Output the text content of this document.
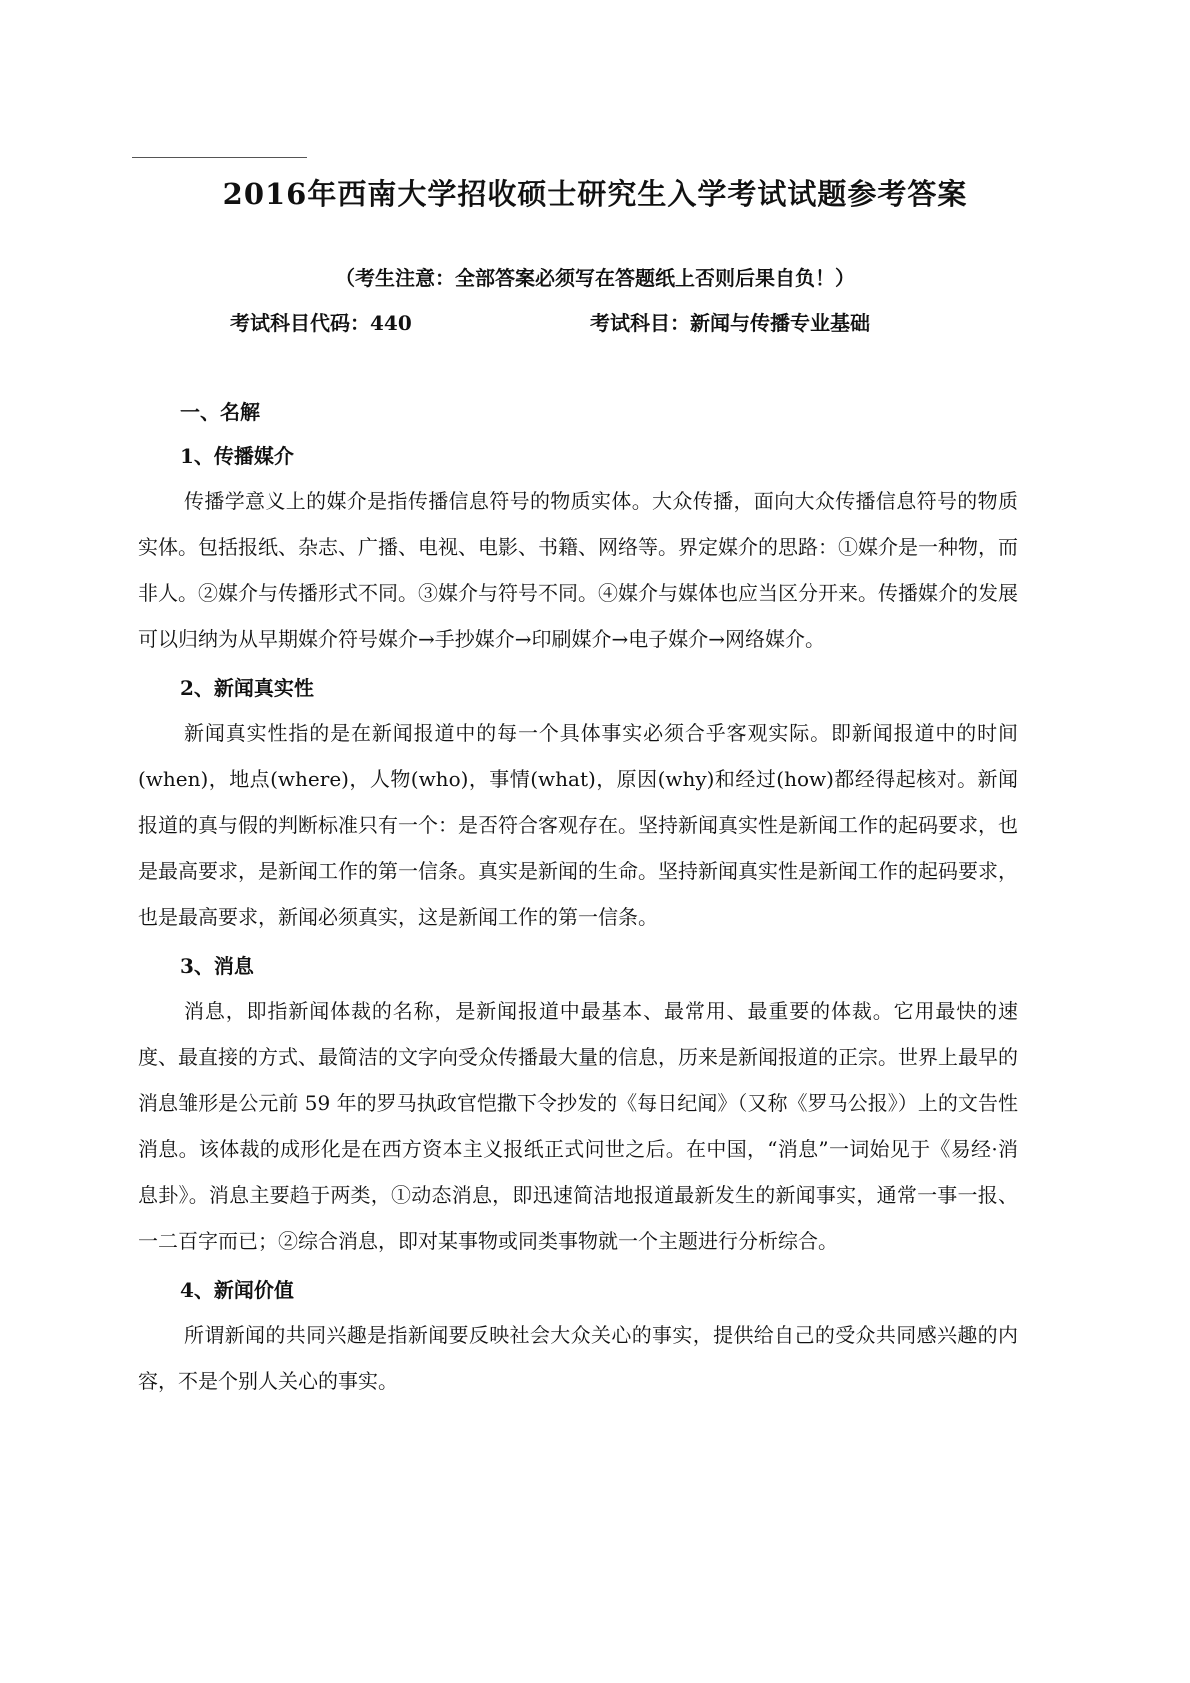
2016年西南大学招收硕士研究生入学考试试题参考答案
（考生注意：全部答案必须写在答题纸上否则后果自负！）
考试科目代码：440	考试科目：新闻与传播专业基础
一、名解
1、传播媒介

传播学意义上的媒介是指传播信息符号的物质实体。大众传播，面向大众传播信息符号的物质实体。包括报纸、杂志、广播、电视、电影、书籍、网络等。界定媒介的思路：①媒介是一种物，而非人。②媒介与传播形式不同。③媒介与符号不同。④媒介与媒体也应当区分开来。传播媒介的发展可以归纳为从早期媒介符号媒介→手抄媒介→印刷媒介→电子媒介→网络媒介。

2、新闻真实性

新闻真实性指的是在新闻报道中的每一个具体事实必须合乎客观实际。即新闻报道中的时间(when)，地点(where)，人物(who)，事情(what)，原因(why)和经过(how)都经得起核对。新闻报道的真与假的判断标准只有一个：是否符合客观存在。坚持新闻真实性是新闻工作的起码要求，也是最高要求，是新闻工作的第一信条。真实是新闻的生命。坚持新闻真实性是新闻工作的起码要求，也是最高要求，新闻必须真实，这是新闻工作的第一信条。

3、消息

消息，即指新闻体裁的名称，是新闻报道中最基本、最常用、最重要的体裁。它用最快的速度、最直接的方式、最简洁的文字向受众传播最大量的信息，历来是新闻报道的正宗。世界上最早的消息雏形是公元前 59 年的罗马执政官恺撒下令抄发的《每日纪闻》（又称《罗马公报》）上的文告性消息。该体裁的成形化是在西方资本主义报纸正式问世之后。在中国，“消息”一词始见于《易经·消息卦》。消息主要趋于两类，①动态消息，即迅速简洁地报道最新发生的新闻事实，通常一事一报、一二百字而已；②综合消息，即对某事物或同类事物就一个主题进行分析综合。

4、新闻价值

所谓新闻的共同兴趣是指新闻要反映社会大众关心的事实，提供给自己的受众共同感兴趣的内容，不是个别人关心的事实。
